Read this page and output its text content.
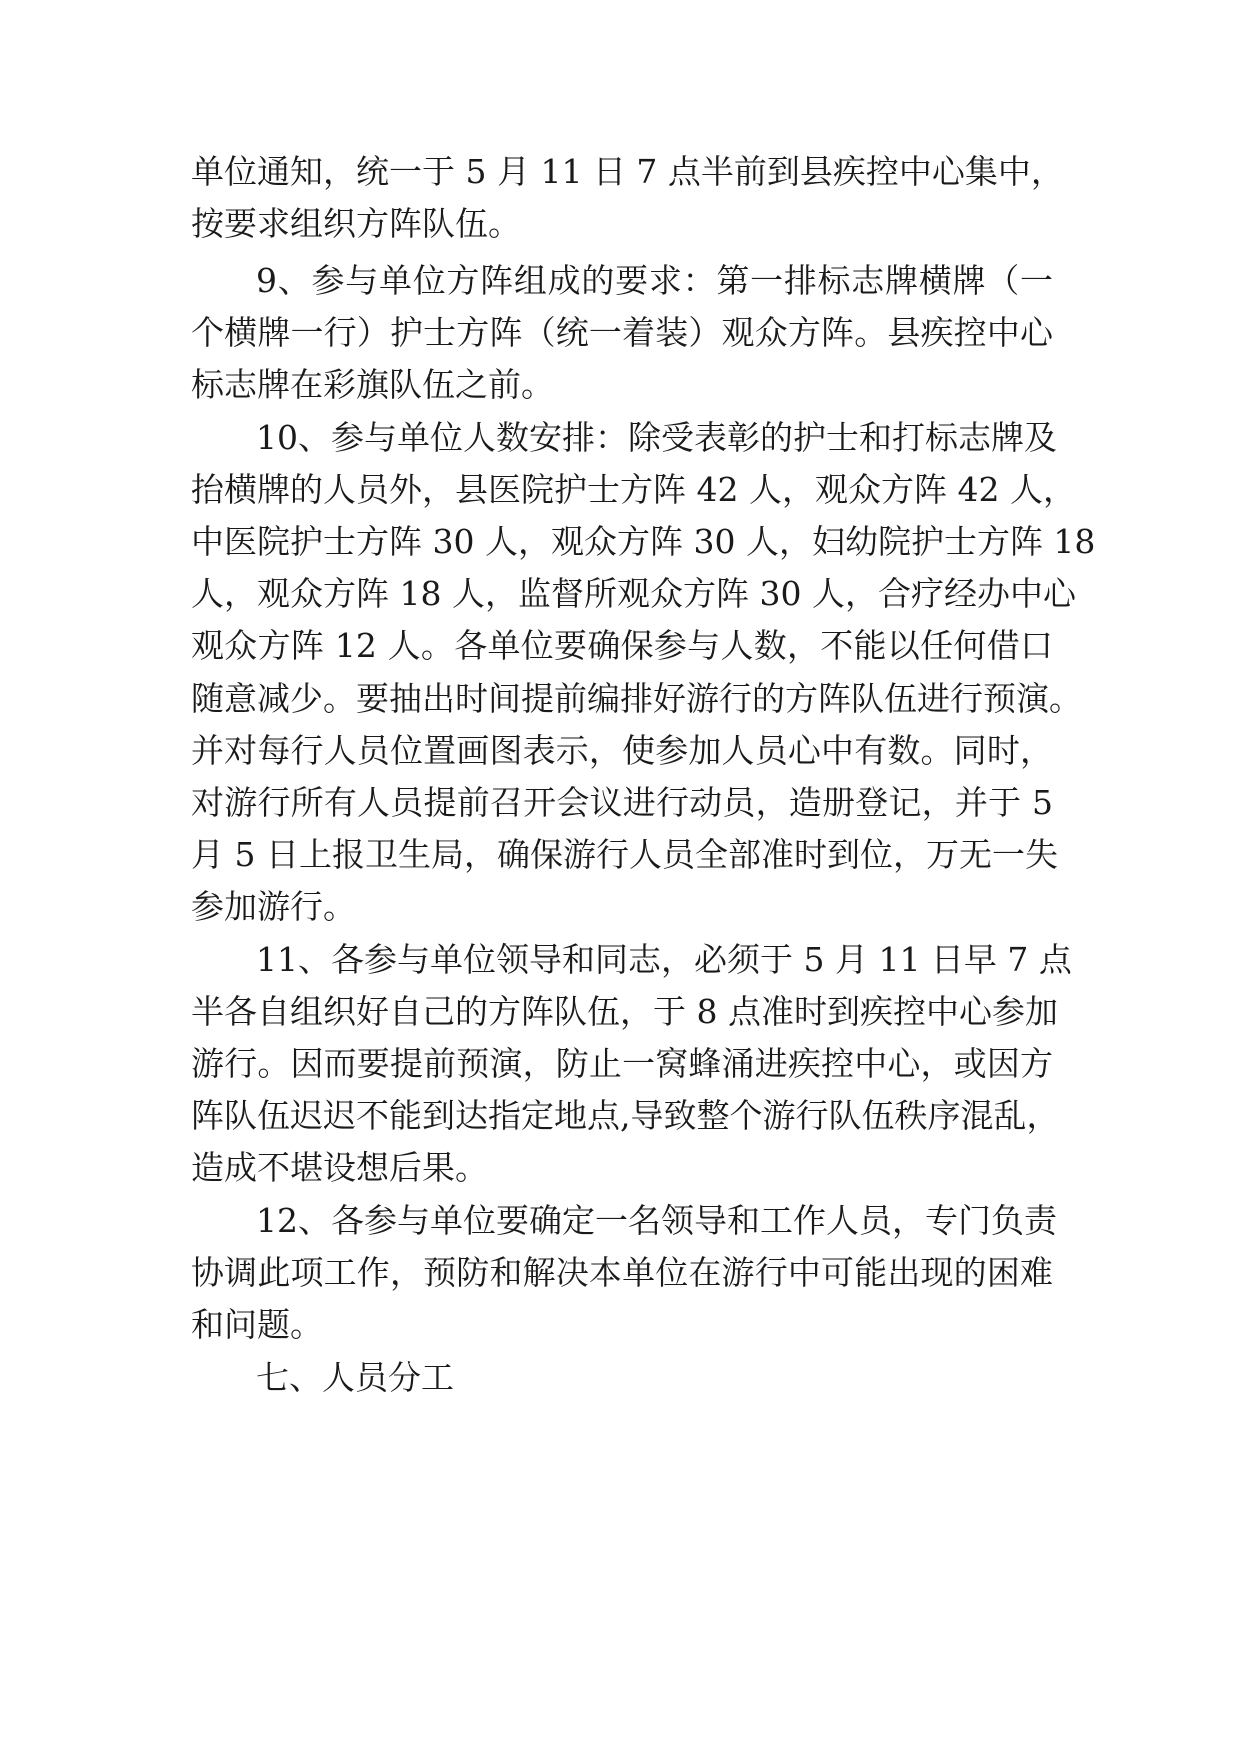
单位通知，统一于 5 月 11 日 7 点半前到县疾控中心集中，
按要求组织方阵队伍。
9、参与单位方阵组成的要求：第一排标志牌横牌（一
个横牌一行）护士方阵（统一着装）观众方阵。县疾控中心
标志牌在彩旗队伍之前。
10、参与单位人数安排：除受表彰的护士和打标志牌及
抬横牌的人员外，县医院护士方阵 42 人，观众方阵 42 人，
中医院护士方阵 30 人，观众方阵 30 人，妇幼院护士方阵 18
人，观众方阵 18 人，监督所观众方阵 30 人，合疗经办中心
观众方阵 12 人。各单位要确保参与人数，不能以任何借口
随意减少。要抽出时间提前编排好游行的方阵队伍进行预演。
并对每行人员位置画图表示，使参加人员心中有数。同时，
对游行所有人员提前召开会议进行动员，造册登记，并于 5
月 5 日上报卫生局，确保游行人员全部准时到位，万无一失
参加游行。
11、各参与单位领导和同志，必须于 5 月 11 日早 7 点
半各自组织好自己的方阵队伍，于 8 点准时到疾控中心参加
游行。因而要提前预演，防止一窝蜂涌进疾控中心，或因方
阵队伍迟迟不能到达指定地点,导致整个游行队伍秩序混乱，
造成不堪设想后果。
12、各参与单位要确定一名领导和工作人员，专门负责
协调此项工作，预防和解决本单位在游行中可能出现的困难
和问题。
七、人员分工
